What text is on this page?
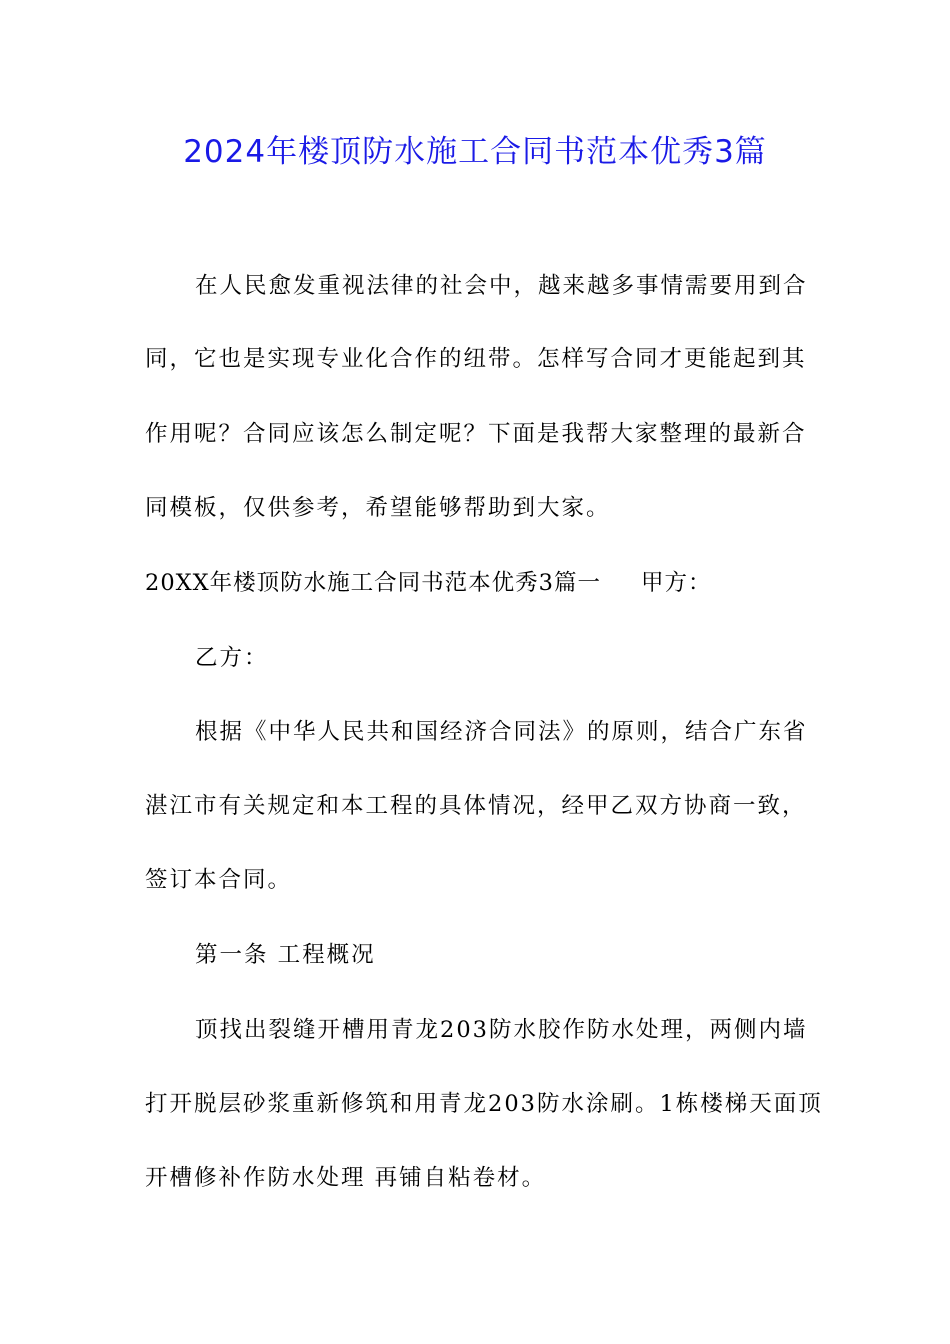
2024年楼顶防水施工合同书范本优秀3篇

在人民愈发重视法律的社会中，越来越多事情需要用到合

同，它也是实现专业化合作的纽带。怎样写合同才更能起到其

作用呢？合同应该怎么制定呢？下面是我帮大家整理的最新合

同模板，仅供参考，希望能够帮助到大家。

20XX年楼顶防水施工合同书范本优秀3篇一 甲方：

乙方：

根据《中华人民共和国经济合同法》的原则，结合广东省

湛江市有关规定和本工程的具体情况，经甲乙双方协商一致，

签订本合同。

第一条 工程概况

顶找出裂缝开槽用青龙203防水胶作防水处理，两侧内墙

打开脱层砂浆重新修筑和用青龙203防水涂刷。1栋楼梯天面顶

开槽修补作防水处理 再铺自粘卷材。
